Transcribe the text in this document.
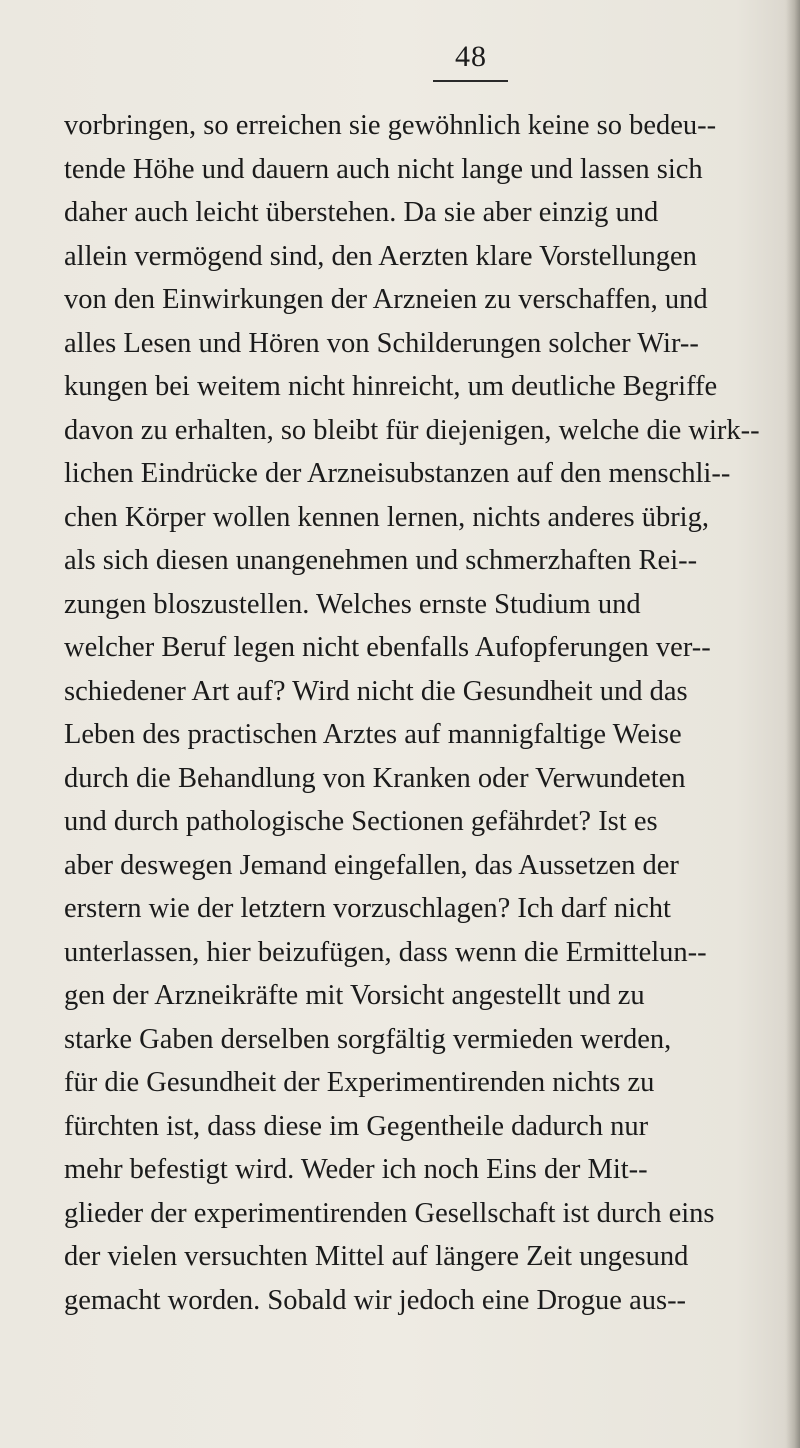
48
vorbringen, so erreichen sie gewöhnlich keine so bedeu--
tende Höhe und dauern auch nicht lange und lassen sich
daher auch leicht überstehen. Da sie aber einzig und
allein vermögend sind, den Aerzten klare Vorstellungen
von den Einwirkungen der Arzneien zu verschaffen, und
alles Lesen und Hören von Schilderungen solcher Wir--
kungen bei weitem nicht hinreicht, um deutliche Begriffe
davon zu erhalten, so bleibt für diejenigen, welche die wirk--
lichen Eindrücke der Arzneisubstanzen auf den menschli--
chen Körper wollen kennen lernen, nichts anderes übrig,
als sich diesen unangenehmen und schmerzhaften Rei--
zungen bloszustellen. Welches ernste Studium und
welcher Beruf legen nicht ebenfalls Aufopferungen ver--
schiedener Art auf? Wird nicht die Gesundheit und das
Leben des practischen Arztes auf mannigfaltige Weise
durch die Behandlung von Kranken oder Verwundeten
und durch pathologische Sectionen gefährdet? Ist es
aber deswegen Jemand eingefallen, das Aussetzen der
erstern wie der letztern vorzuschlagen? Ich darf nicht
unterlassen, hier beizufügen, dass wenn die Ermittelun--
gen der Arzneikräfte mit Vorsicht angestellt und zu
starke Gaben derselben sorgfältig vermieden werden,
für die Gesundheit der Experimentirenden nichts zu
fürchten ist, dass diese im Gegentheile dadurch nur
mehr befestigt wird. Weder ich noch Eins der Mit--
glieder der experimentirenden Gesellschaft ist durch eins
der vielen versuchten Mittel auf längere Zeit ungesund
gemacht worden. Sobald wir jedoch eine Drogue aus--
